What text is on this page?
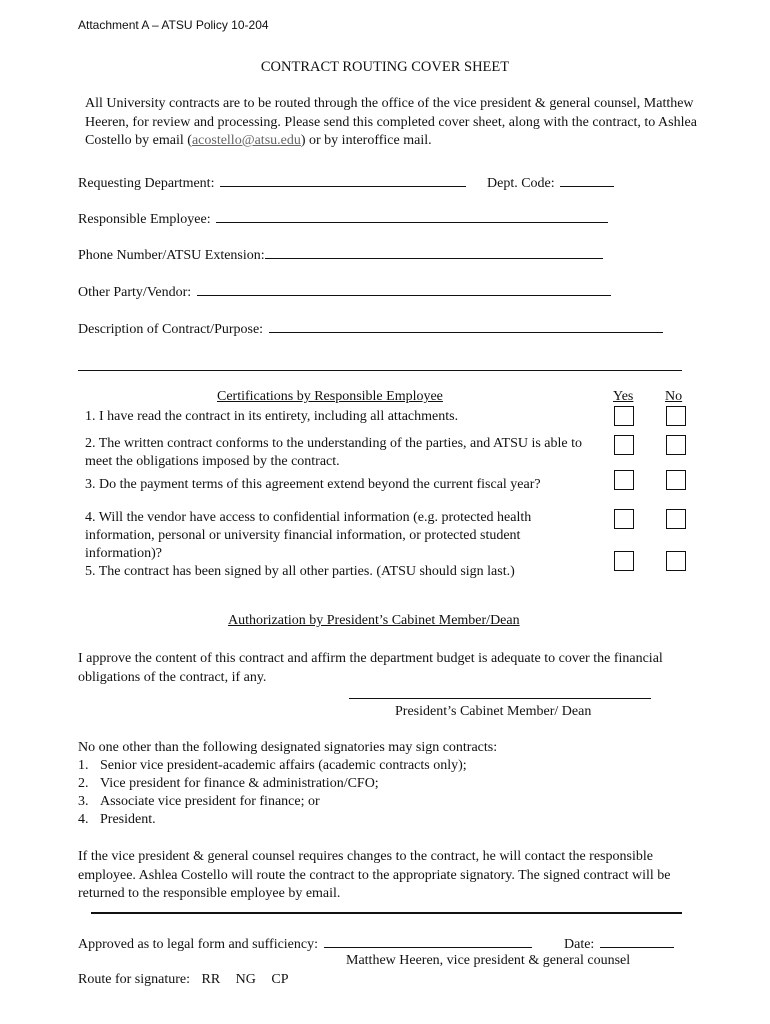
Attachment A – ATSU Policy 10-204
CONTRACT ROUTING COVER SHEET
All University contracts are to be routed through the office of the vice president & general counsel, Matthew Heeren, for review and processing. Please send this completed cover sheet, along with the contract, to Ashlea Costello by email (acostello@atsu.edu) or by interoffice mail.
Requesting Department:	Dept. Code:
Responsible Employee:
Phone Number/ATSU Extension:
Other Party/Vendor:
Description of Contract/Purpose:
Certifications by Responsible Employee	Yes No
1. I have read the contract in its entirety, including all attachments.
2. The written contract conforms to the understanding of the parties, and ATSU is able to meet the obligations imposed by the contract.
3. Do the payment terms of this agreement extend beyond the current fiscal year?
4. Will the vendor have access to confidential information (e.g. protected health information, personal or university financial information, or protected student information)?
5. The contract has been signed by all other parties. (ATSU should sign last.)
Authorization by President’s Cabinet Member/Dean
I approve the content of this contract and affirm the department budget is adequate to cover the financial obligations of the contract, if any.
President’s Cabinet Member/ Dean
No one other than the following designated signatories may sign contracts:
1. Senior vice president-academic affairs (academic contracts only);
2. Vice president for finance & administration/CFO;
3. Associate vice president for finance; or
4. President.
If the vice president & general counsel requires changes to the contract, he will contact the responsible employee. Ashlea Costello will route the contract to the appropriate signatory. The signed contract will be returned to the responsible employee by email.
Approved as to legal form and sufficiency:	Date:
Matthew Heeren, vice president & general counsel
Route for signature: RR NG CP
